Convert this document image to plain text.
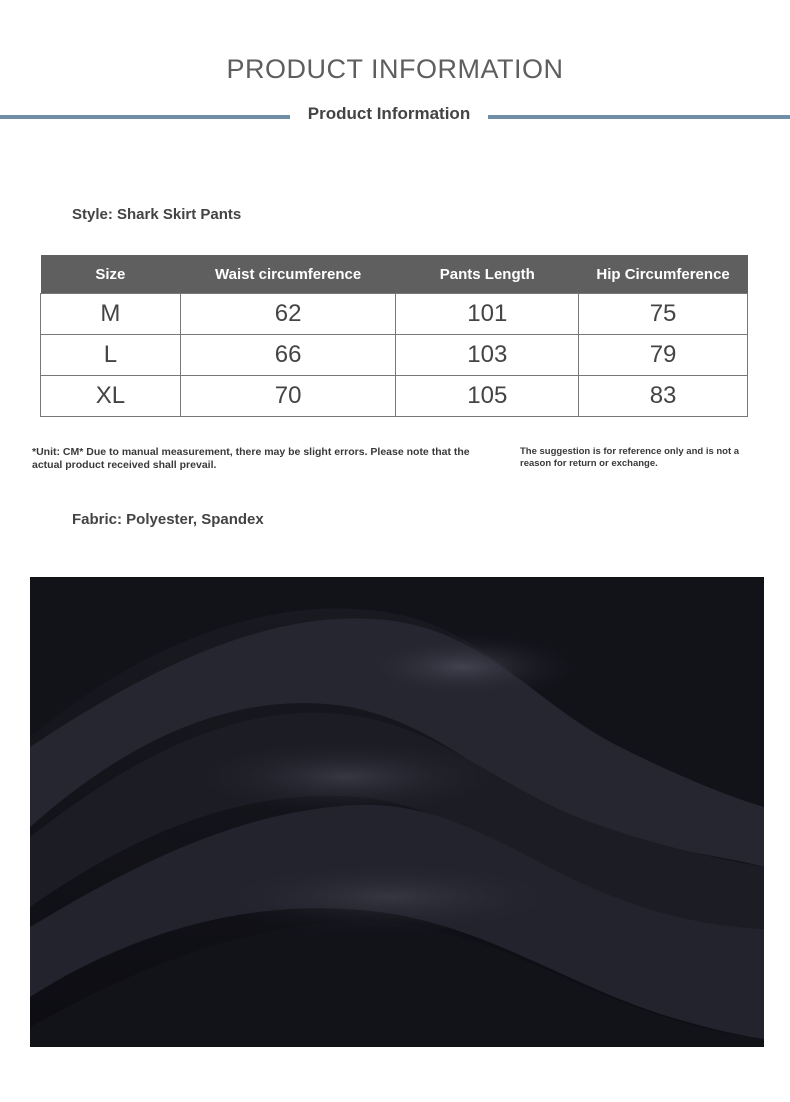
PRODUCT INFORMATION
Product Information
Style: Shark Skirt Pants
Size	Waist circumference	Pants Length	Hip Circumference
M	62	101	75
L	66	103	79
XL	70	105	83
*Unit: CM* Due to manual measurement, there may be slight errors. Please note that the actual product received shall prevail.
The suggestion is for reference only and is not a reason for return or exchange.
Fabric: Polyester, Spandex
